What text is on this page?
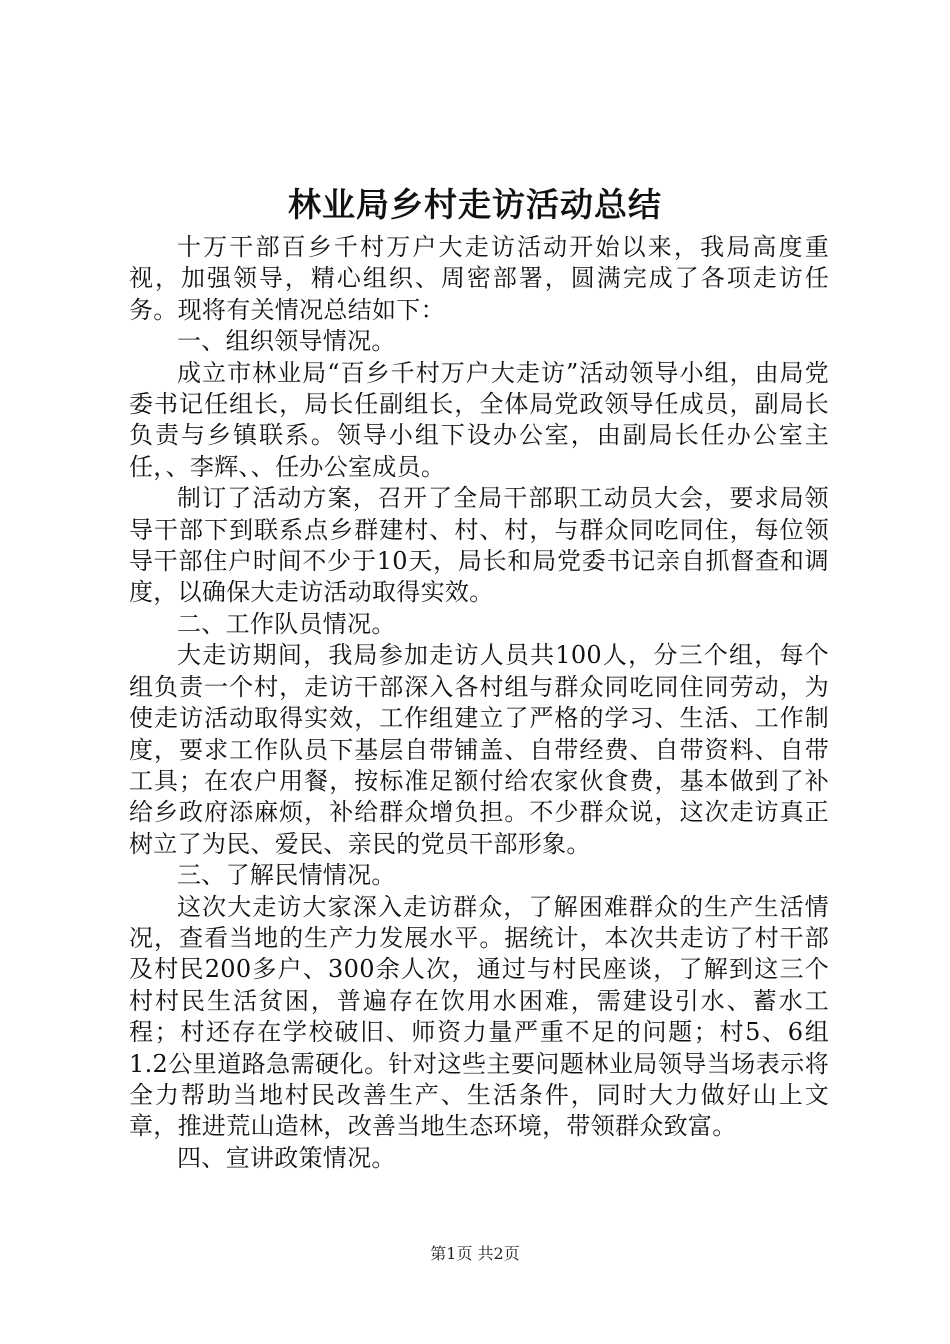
林业局乡村走访活动总结

十万干部百乡千村万户大走访活动开始以来，我局高度重视，加强领导，精心组织、周密部署，圆满完成了各项走访任务。现将有关情况总结如下：

一、组织领导情况。

成立市林业局“百乡千村万户大走访”活动领导小组，由局党委书记任组长，局长任副组长，全体局党政领导任成员，副局长负责与乡镇联系。领导小组下设办公室，由副局长任办公室主任，、李辉、、任办公室成员。

制订了活动方案，召开了全局干部职工动员大会，要求局领导干部下到联系点乡群建村、村、村，与群众同吃同住，每位领导干部住户时间不少于10天，局长和局党委书记亲自抓督查和调度，以确保大走访活动取得实效。

二、工作队员情况。

大走访期间，我局参加走访人员共100人，分三个组，每个组负责一个村，走访干部深入各村组与群众同吃同住同劳动，为使走访活动取得实效，工作组建立了严格的学习、生活、工作制度，要求工作队员下基层自带铺盖、自带经费、自带资料、自带工具；在农户用餐，按标准足额付给农家伙食费，基本做到了补给乡政府添麻烦，补给群众增负担。不少群众说，这次走访真正树立了为民、爱民、亲民的党员干部形象。

三、了解民情情况。

这次大走访大家深入走访群众，了解困难群众的生产生活情况，查看当地的生产力发展水平。据统计，本次共走访了村干部及村民200多户、300余人次，通过与村民座谈，了解到这三个村村民生活贫困，普遍存在饮用水困难，需建设引水、蓄水工程；村还存在学校破旧、师资力量严重不足的问题；村5、6组1.2公里道路急需硬化。针对这些主要问题林业局领导当场表示将全力帮助当地村民改善生产、生活条件，同时大力做好山上文章，推进荒山造林，改善当地生态环境，带领群众致富。

四、宣讲政策情况。

第1页 共2页
